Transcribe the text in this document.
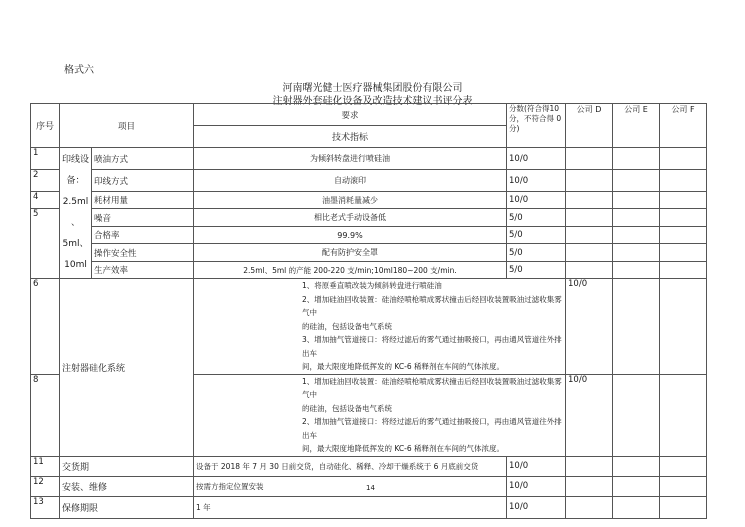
格式六
河南曙光健士医疗器械集团股份有限公司
注射器外套硅化设备及改造技术建议书评分表
序号	项目		要求	分数(符合得10 分，不符合得 0 分)	公司 D	公司 E	公司 F
			技术指标				
1	印线设备：2.5ml 、5ml、10ml	喷油方式	为倾斜转盘进行喷硅油	10/0			
2		印线方式	自动滚印	10/0			
4		耗材用量	油墨消耗量减少	10/0			
5		噪音	相比老式手动设备低	5/0			
		合格率	99.9%	5/0			
		操作安全性	配有防护安全罩	5/0			
		生产效率	2.5ml、5ml 的产能 200-220 支/min;10ml180~200 支/min.	5/0			
6	注射器硅化系统		1、将原垂直喷改装为倾斜转盘进行喷硅油
2、增加硅油回收装置：硅油经喷枪喷成雾状撞击后经回收装置吸油过滤收集雾气中
的硅油，包括设备电气系统
3、增加抽气管道接口：将经过滤后的雾气通过抽吸接口，再由通风管道往外排出车
间，最大限度地降低挥发的 KC-6 稀释剂在车间的气体浓度。		10/0		
8			1、增加硅油回收装置：硅油经喷枪喷成雾状撞击后经回收装置吸油过滤收集雾气中
的硅油，包括设备电气系统
2、增加抽气管道接口：将经过滤后的雾气通过抽吸接口，再由通风管道往外排出车
间，最大限度地降低挥发的 KC-6 稀释剂在车间的气体浓度。		10/0		
11	交货期		设备于 2018 年 7 月 30 日前交货，自动硅化、稀释、冷却干燥系统于 6 月底前交货	10/0			
12	安装、维修		按需方指定位置安装	10/0			
13	保修期限		1 年	10/0			
14
